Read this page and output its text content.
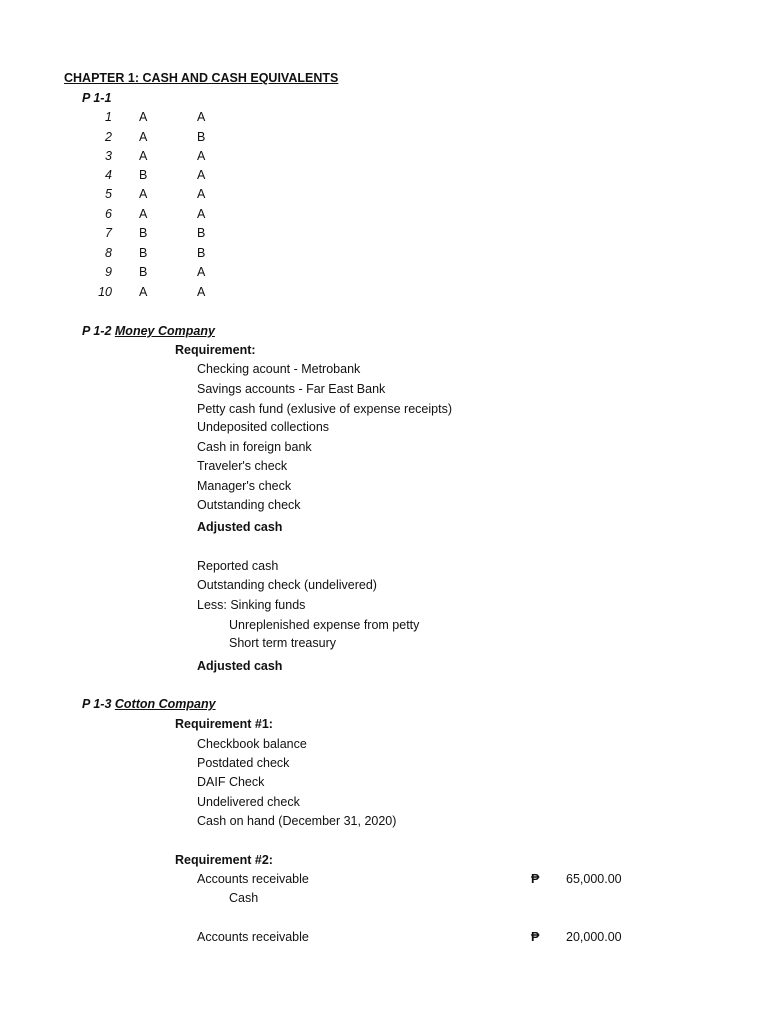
CHAPTER 1: CASH AND CASH EQUIVALENTS
P 1-1
1 A	A
2 A	B
3 A	A
4 B	A
5 A	A
6 A	A
7 B	B
8 B	B
9 B	A
10 A	A
P 1-2 Money Company
Requirement:
Checking acount - Metrobank
Savings accounts - Far East Bank
Petty cash fund (exlusive of expense receipts)
Undeposited collections
Cash in foreign bank
Traveler's check
Manager's check
Outstanding check
Adjusted cash
Reported cash
Outstanding check (undelivered)
Less: Sinking funds
Unreplenished expense from petty
Short term treasury
Adjusted cash
P 1-3 Cotton Company
Requirement #1:
Checkbook balance
Postdated check
DAIF Check
Undelivered check
Cash on hand (December 31, 2020)
Requirement #2:
Accounts receivable	₱ 65,000.00
Cash
Accounts receivable	₱ 20,000.00
